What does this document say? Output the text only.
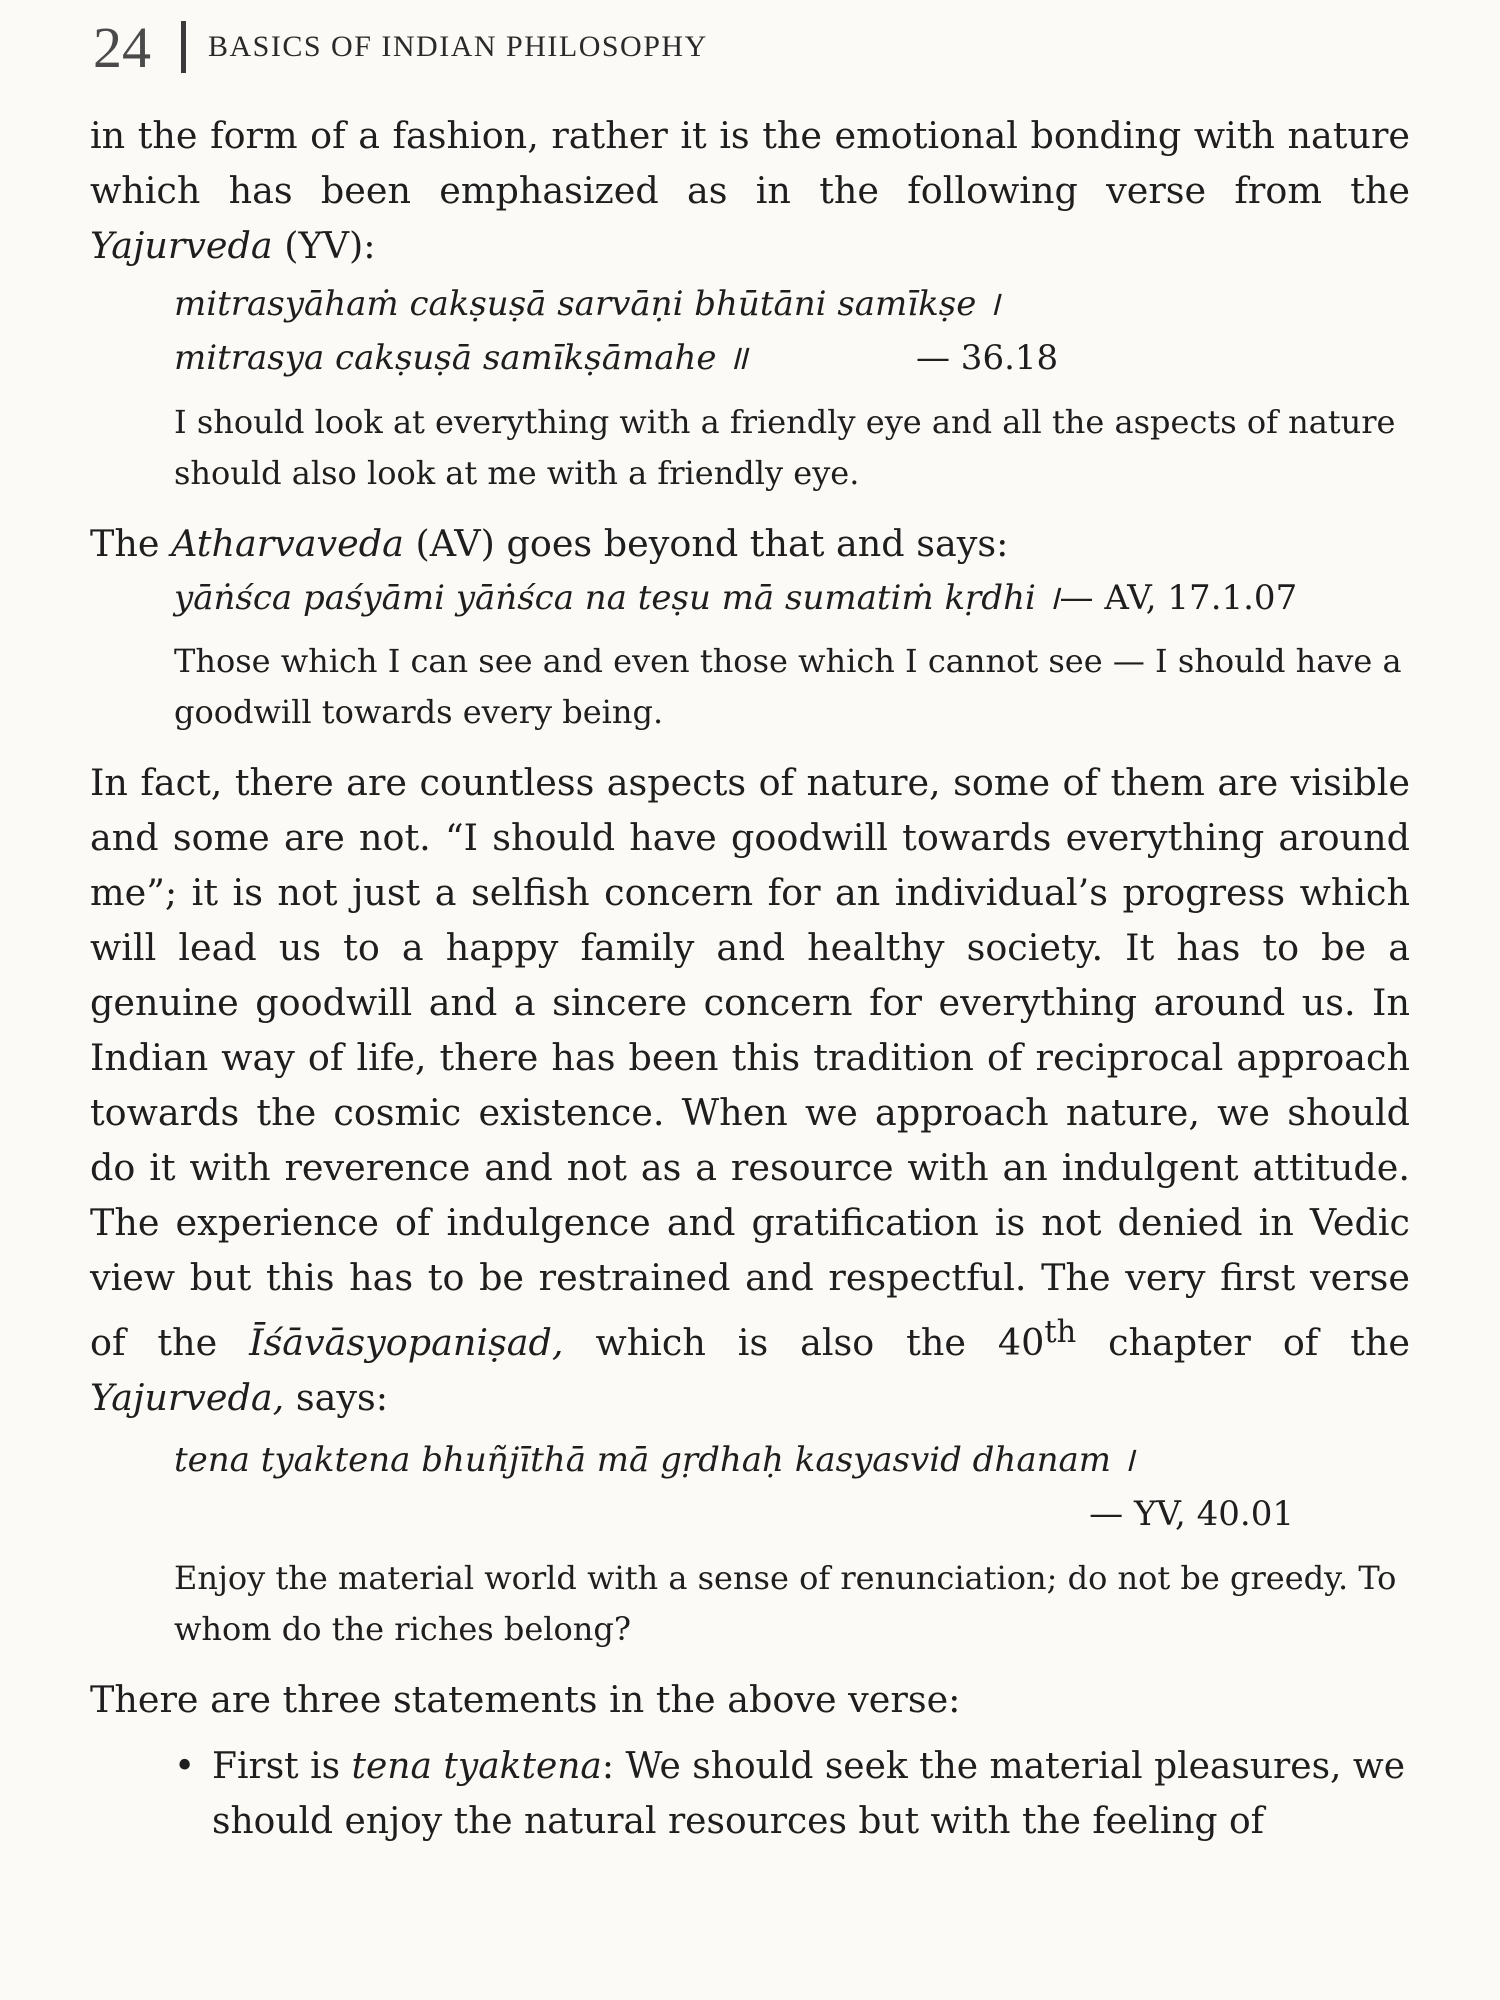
24 BASICS OF INDIAN PHILOSOPHY

in the form of a fashion, rather it is the emotional bonding with nature which has been emphasized as in the following verse from the Yajurveda (YV):

mitrasyāhaṁ cakṣuṣā sarvāṇi bhūtāni samīkṣe ।
mitrasya cakṣuṣā samīkṣāmahe ॥	— 36.18

I should look at everything with a friendly eye and all the aspects of nature should also look at me with a friendly eye.

The Atharvaveda (AV) goes beyond that and says:

yāṅśca paśyāmi yāṅśca na teṣu mā sumatiṁ kṛdhi ।— AV, 17.1.07

Those which I can see and even those which I cannot see — I should have a goodwill towards every being.

In fact, there are countless aspects of nature, some of them are visible and some are not. “I should have goodwill towards everything around me”; it is not just a selfish concern for an individual’s progress which will lead us to a happy family and healthy society. It has to be a genuine goodwill and a sincere concern for everything around us. In Indian way of life, there has been this tradition of reciprocal approach towards the cosmic existence. When we approach nature, we should do it with reverence and not as a resource with an indulgent attitude. The experience of indulgence and gratification is not denied in Vedic view but this has to be restrained and respectful. The very first verse of the Īśāvāsyopaniṣad, which is also the 40th chapter of the Yajurveda, says:

tena tyaktena bhuñjīthā mā gṛdhaḥ kasyasvid dhanam ।
— YV, 40.01

Enjoy the material world with a sense of renunciation; do not be greedy. To whom do the riches belong?

There are three statements in the above verse:

• First is tena tyaktena: We should seek the material pleasures, we should enjoy the natural resources but with the feeling of
